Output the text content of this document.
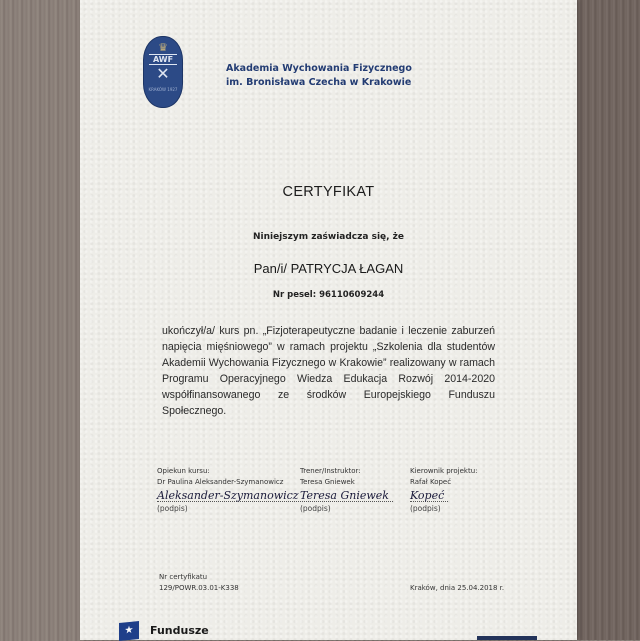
♛
AWF
✕
KRAKÓW 1927
Akademia Wychowania Fizycznego
im. Bronisława Czecha w Krakowie
CERTYFIKAT
Niniejszym zaświadcza się, że
Pan/i/ PATRYCJA ŁAGAN
Nr pesel: 96110609244
ukończył/a/ kurs pn. „Fizjoterapeutyczne badanie i leczenie zaburzeń napięcia mięśniowego” w ramach projektu „Szkolenia dla studentów Akademii Wychowania Fizycznego w Krakowie” realizowany w ramach Programu Operacyjnego Wiedza Edukacja Rozwój 2014-2020 współfinansowanego ze środków Europejskiego Funduszu Społecznego.
Opiekun kursu:
Dr Paulina Aleksander-Szymanowicz
Aleksander-Szymanowicz
(podpis)
Trener/Instruktor:
Teresa Gniewek
Teresa Gniewek
(podpis)
Kierownik projektu:
Rafał Kopeć
Kopeć
(podpis)
Nr certyfikatu
129/POWR.03.01-K338	Kraków, dnia 25.04.2018 r.
★	Fundusze
